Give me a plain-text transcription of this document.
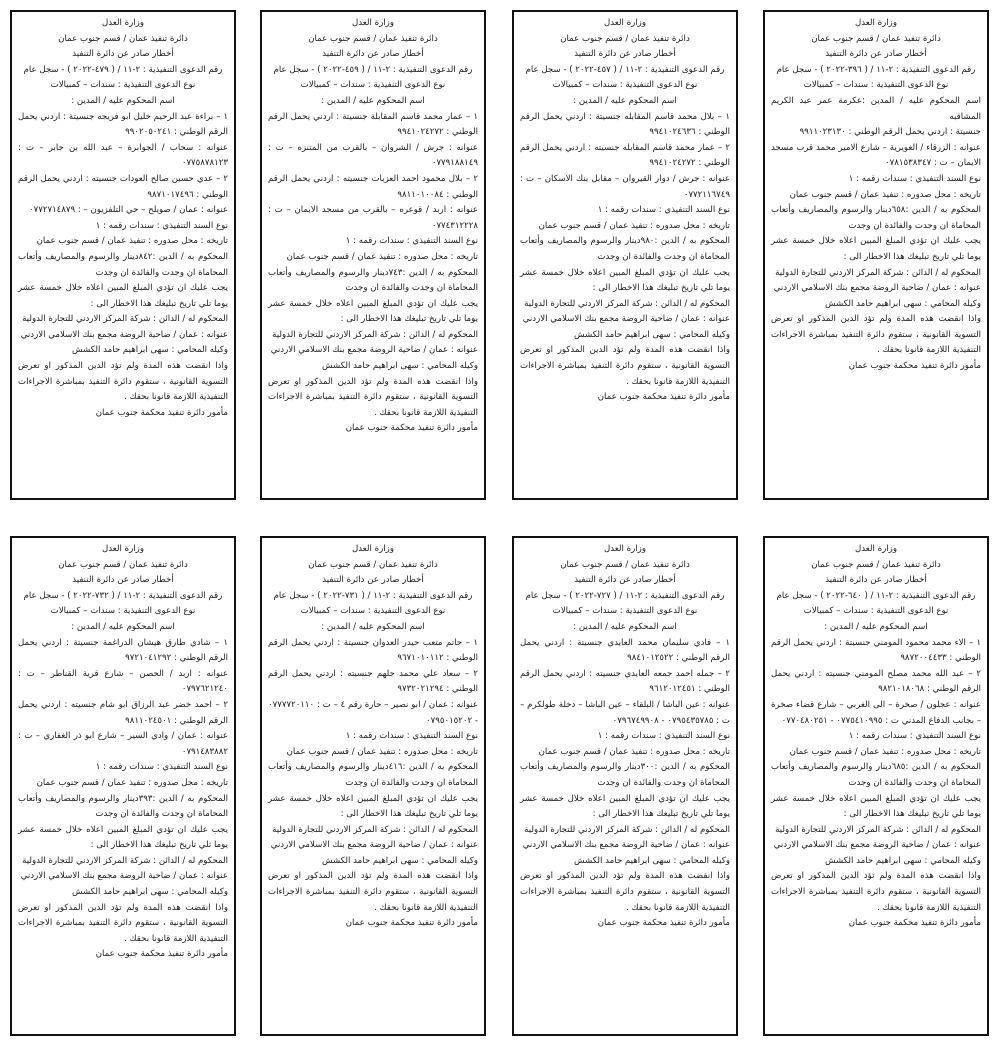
وزارة العدل

دائرة تنفيذ عمان / قسم جنوب عمان

أخطار صادر عن دائرة التنفيذ

رقم الدعوى التنفيذية : ٢-١١ / ( ٤٧٩-٢٠٢٢ ) - سجل عام

نوع الدعوى التنفيذية : سندات – كمبيالات

اسم المحكوم عليه / المدين :

١ – براءة عبد الرحيم خليل ابو فريجه جنسيتة : اردني يحمل الرقم الوطني : ٩٩٠٢٠٥٠٢٤١

عنوانه : سحاب / الجوابرة – عبد الله بن جابر – ت : ٠٧٧٥٨٧٨١٢٣

٢ – عدي حسين صالح العودات جنسيته : اردني يحمل الرقم الوطني : ٩٨٧١٠١٧٤٩٦

عنوانه : عمان / صويلح – حي التلفزيون – : ٠٧٧٢٧١٤٨٧٩

نوع السند التنفيذي : سندات رقمه : ١

تاريخه : محل صدوره : تنفيذ عمان / قسم جنوب عمان

المحكوم به / الدين :٨٤٢دينار والرسوم والمصاريف وأتعاب المحاماة ان وجدت والفائدة ان وجدت

يجب عليك ان تؤدي المبلغ المبين اعلاه خلال خمسة عشر يوما تلي تاريخ تبليغك هذا الاخطار الى :

المحكوم له / الدائن : شركة المركز الاردني للتجارة الدولية

عنوانه : عمان / ضاحية الروضة مجمع بنك الاسلامي الاردني

وكيله المحامي : سهى ابراهيم حامد الكشش

واذا انقضت هذه المدة ولم تؤد الدين المذكور او تعرض التسوية القانونية ، ستقوم دائرة التنفيذ بمباشرة الاجراءات التنفيذية اللازمة قانونا بحقك .

مأمور دائرة تنفيذ محكمة جنوب عمان

وزارة العدل

دائرة تنفيذ عمان / قسم جنوب عمان

أخطار صادر عن دائرة التنفيذ

رقم الدعوى التنفيذية : ٢-١١ / ( ٤٥٩-٢٠٢٢ ) - سجل عام

نوع الدعوى التنفيذية : سندات – كمبيالات

اسم المحكوم عليه / المدين :

١ – عمار محمد قاسم المقابلة جنسيتة : اردني يحمل الرقم الوطني : ٩٩٤١٠٢٤٢٧٢

عنوانه : جرش / الشروان – بالقرب من المتنزه – ت : ٠٧٧٩١٨٨١٤٩

٢ – بلال محمود احمد العزبات جنسيته : اردني يحمل الرقم الوطني : ٩٨١١٠١٠٠٨٤

عنوانه : اربد / قوعره – بالقرب من مسجد الايمان – ت : ٠٧٧٤٣١٢٢٢٨

نوع السند التنفيذي : سندات رقمه : ١

تاريخه : محل صدوره : تنفيذ عمان / قسم جنوب عمان

المحكوم به / الدين :٧٤٣دينار والرسوم والمصاريف وأتعاب المحاماة ان وجدت والفائدة ان وجدت

يجب عليك ان تؤدي المبلغ المبين اعلاه خلال خمسة عشر يوما تلي تاريخ تبليغك هذا الاخطار الى :

المحكوم له / الدائن : شركة المركز الاردني للتجارة الدولية

عنوانه : عمان / ضاحية الروضة مجمع بنك الاسلامي الاردني

وكيله المحامي : سهى ابراهيم حامد الكشش

واذا انقضت هذه المدة ولم تؤد الدين المذكور او تعرض التسوية القانونية ، ستقوم دائرة التنفيذ بمباشرة الاجراءات التنفيذية اللازمة قانونا بحقك .

مأمور دائرة تنفيذ محكمة جنوب عمان

وزارة العدل

دائرة تنفيذ عمان / قسم جنوب عمان

أخطار صادر عن دائرة التنفيذ

رقم الدعوى التنفيذية : ٢-١١ / ( ٤٥٧-٢٠٢٢ ) - سجل عام

نوع الدعوى التنفيذية : سندات – كمبيالات

اسم المحكوم عليه / المدين :

١ – بلال محمد قاسم المقابله جنسيتة : اردني يحمل الرقم الوطني : ٩٩٤١٠٢٤٦٣٦

٢ – عمار محمد قاسم المقابله جنسيته : اردني يحمل الرقم الوطني : ٩٩٤١٠٢٤٢٧٢

عنوانه : جرش / دوار القيروان – مقابل بنك الاسكان – ت : ٠٧٧٢١١٦٧٤٩

نوع السند التنفيذي : سندات رقمه : ١

تاريخه : محل صدوره : تنفيذ عمان / قسم جنوب عمان

المحكوم به / الدين :٩٨٠دينار والرسوم والمصاريف وأتعاب المحاماة ان وجدت والفائدة ان وجدت

يجب عليك ان تؤدي المبلغ المبين اعلاه خلال خمسة عشر يوما تلي تاريخ تبليغك هذا الاخطار الى :

المحكوم له / الدائن : شركة المركز الاردني للتجارة الدولية

عنوانه : عمان / ضاحية الروضة مجمع بنك الاسلامي الاردني

وكيله المحامي : سهى ابراهيم حامد الكشش

واذا انقضت هذه المدة ولم تؤد الدين المذكور او تعرض التسوية القانونية ، ستقوم دائرة التنفيذ بمباشرة الاجراءات التنفيذية اللازمة قانونا بحقك .

مأمور دائرة تنفيذ محكمة جنوب عمان

وزارة العدل

دائرة تنفيذ عمان / قسم جنوب عمان

أخطار صادر عن دائرة التنفيذ

رقم الدعوى التنفيذية : ٢-١١ / ( ٣٩٦-٢٠٢٢ ) - سجل عام

نوع الدعوى التنفيذية : سندات – كمبيالات

اسم المحكوم عليه / المدين :عكرمة عمر عبد الكريم المشاقبه

جنسيتة : اردني يحمل الرقم الوطني : ٩٩١١٠٢٣١٣٠

عنوانه : الزرقاء / الغويرية – شارع الامير محمد قرب مسجد الايمان – ت : ٠٧٨١٥٣٨٣٤٧

نوع السند التنفيذي : سندات رقمه : ١

تاريخه : محل صدوره : تنفيذ عمان / قسم جنوب عمان

المحكوم به / الدين :٦٥٨دينار والرسوم والمصاريف وأتعاب المحاماة ان وجدت والفائدة ان وجدت

يجب عليك ان تؤدي المبلغ المبين اعلاه خلال خمسة عشر يوما تلي تاريخ تبليغك هذا الاخطار الى :

المحكوم له / الدائن : شركة المركز الاردني للتجارة الدولية

عنوانه : عمان / ضاحية الروضة مجمع بنك الاسلامي الاردني

وكيله المحامي : سهى ابراهيم حامد الكشش

واذا انقضت هذه المدة ولم تؤد الدين المذكور او تعرض التسوية القانونية ، ستقوم دائرة التنفيذ بمباشرة الاجراءات التنفيذية اللازمة قانونا بحقك .

مأمور دائرة تنفيذ محكمة جنوب عمان

وزارة العدل

دائرة تنفيذ عمان / قسم جنوب عمان

أخطار صادر عن دائرة التنفيذ

رقم الدعوى التنفيذية : ٢-١١ / ( ٧٣٢-٢٠٢٢ ) - سجل عام

نوع الدعوى التنفيذية : سندات – كمبيالات

اسم المحكوم عليه / المدين :

١ – شادي طارق هيشان الدراغمة جنسيتة : اردني يحمل الرقم الوطني : ٩٧٢١٠٤١٢٩٢

عنوانه : اربد / الحصن – شارع قرية القناطر – ت : ٠٧٩٧٦٢١٢٤٠

٢ – احمد خضر عبد الرزاق ابو شام جنسيته : اردني يحمل الرقم الوطني : ٩٨١١٠٢٤٥٠١

عنوانه : عمان / وادي السير – شارع ابو ذر الغفاري – ت : ٠٧٩١٤٨٣٨٨٢

نوع السند التنفيذي : سندات رقمه : ١

تاريخه : محل صدوره : تنفيذ عمان / قسم جنوب عمان

المحكوم به / الدين :٣٩٣دينار والرسوم والمصاريف وأتعاب المحاماة ان وجدت والفائدة ان وجدت

يجب عليك ان تؤدي المبلغ المبين اعلاه خلال خمسة عشر يوما تلي تاريخ تبليغك هذا الاخطار الى :

المحكوم له / الدائن : شركة المركز الاردني للتجارة الدولية

عنوانه : عمان / ضاحية الروضة مجمع بنك الاسلامي الاردني

وكيله المحامي : سهى ابراهيم حامد الكشش

واذا انقضت هذه المدة ولم تؤد الدين المذكور او تعرض التسوية القانونية ، ستقوم دائرة التنفيذ بمباشرة الاجراءات التنفيذية اللازمة قانونا بحقك .

مأمور دائرة تنفيذ محكمة جنوب عمان

وزارة العدل

دائرة تنفيذ عمان / قسم جنوب عمان

أخطار صادر عن دائرة التنفيذ

رقم الدعوى التنفيذية : ٢-١١ / ( ٧٣١-٢٠٢٢ ) - سجل عام

نوع الدعوى التنفيذية : سندات – كمبيالات

اسم المحكوم عليه / المدين :

١ – حاتم متعب حيدر العدوان جنسيتة : اردني يحمل الرقم الوطني : ٩٦٧١٠١٠١١٢

٢ – سعاد علي محمد جلهم جنسيته : اردني يحمل الرقم الوطني : ٩٧٣٢٠٢١٢٩٤

عنوانه : عمان / ابو نصير – حارة رقم ٤ – ت : ٠٧٧٧٧٢٠١١٠ - ٠٧٩٥٠١٥٢٠٢

نوع السند التنفيذي : سندات رقمه : ١

تاريخه : محل صدوره : تنفيذ عمان / قسم جنوب عمان

المحكوم به / الدين :٤١٦دينار والرسوم والمصاريف وأتعاب المحاماة ان وجدت والفائدة ان وجدت

يجب عليك ان تؤدي المبلغ المبين اعلاه خلال خمسة عشر يوما تلي تاريخ تبليغك هذا الاخطار الى :

المحكوم له / الدائن : شركة المركز الاردني للتجارة الدولية

عنوانه : عمان / ضاحية الروضة مجمع بنك الاسلامي الاردني

وكيله المحامي : سهى ابراهيم حامد الكشش

واذا انقضت هذه المدة ولم تؤد الدين المذكور او تعرض التسوية القانونية ، ستقوم دائرة التنفيذ بمباشرة الاجراءات التنفيذية اللازمة قانونا بحقك .

مأمور دائرة تنفيذ محكمة جنوب عمان

وزارة العدل

دائرة تنفيذ عمان / قسم جنوب عمان

أخطار صادر عن دائرة التنفيذ

رقم الدعوى التنفيذية : ٢-١١ / ( ٧٢٧-٢٠٢٢ ) - سجل عام

نوع الدعوى التنفيذية : سندات – كمبيالات

اسم المحكوم عليه / المدين :

١ – فادي سليمان محمد العايدي جنسيتة : اردني يحمل الرقم الوطني : ٩٨٤١٠١٢٥٢٢

٢ – جمله احمد جمعه العايدي جنسيته : اردني يحمل الرقم الوطني : ٩٦١٢٠١٢٤٥١

عنوانه : عين الباشا / البلقاء – عين الباشا – دخلة طولكرم – ت : ٠٧٩٥٤٣٥٧٨٥ - ٠٧٩٦٧٤٩٩٠٨

نوع السند التنفيذي : سندات رقمه : ١

تاريخه : محل صدوره : تنفيذ عمان / قسم جنوب عمان

المحكوم به / الدين :٣٠٠دينار والرسوم والمصاريف وأتعاب المحاماة ان وجدت والفائدة ان وجدت

يجب عليك ان تؤدي المبلغ المبين اعلاه خلال خمسة عشر يوما تلي تاريخ تبليغك هذا الاخطار الى :

المحكوم له / الدائن : شركة المركز الاردني للتجارة الدولية

عنوانه : عمان / ضاحية الروضة مجمع بنك الاسلامي الاردني

وكيله المحامي : سهى ابراهيم حامد الكشش

واذا انقضت هذه المدة ولم تؤد الدين المذكور او تعرض التسوية القانونية ، ستقوم دائرة التنفيذ بمباشرة الاجراءات التنفيذية اللازمة قانونا بحقك .

مأمور دائرة تنفيذ محكمة جنوب عمان

وزارة العدل

دائرة تنفيذ عمان / قسم جنوب عمان

أخطار صادر عن دائرة التنفيذ

رقم الدعوى التنفيذية : ٢-١١ / ( ٦٤٠-٢٠٢٢ ) - سجل عام

نوع الدعوى التنفيذية : سندات – كمبيالات

اسم المحكوم عليه / المدين :

١ – الاء محمد محمود المومني جنسيتة : اردني يحمل الرقم الوطني : ٩٨٧٢٠٠٤٤٣٣

٢ – عبد الله محمد مصلح المومني جنسيته : اردني يحمل الرقم الوطني : ٩٨٢١٠١٨٠٦٨

عنوانه : عجلون / صخرة – الى الغربي – شارع قضاء صخرة – بجانب الدفاع المدني ت : ٠٧٧٥٤١٠٩٩٥ - ٠٧٧٠٤٨٠٢٥١

نوع السند التنفيذي : سندات رقمه : ١

تاريخه : محل صدوره : تنفيذ عمان / قسم جنوب عمان

المحكوم به / الدين :٦٨٥دينار والرسوم والمصاريف وأتعاب المحاماة ان وجدت والفائدة ان وجدت

يجب عليك ان تؤدي المبلغ المبين اعلاه خلال خمسة عشر يوما تلي تاريخ تبليغك هذا الاخطار الى :

المحكوم له / الدائن : شركة المركز الاردني للتجارة الدولية

عنوانه : عمان / ضاحية الروضة مجمع بنك الاسلامي الاردني

وكيله المحامي : سهى ابراهيم حامد الكشش

واذا انقضت هذه المدة ولم تؤد الدين المذكور او تعرض التسوية القانونية ، ستقوم دائرة التنفيذ بمباشرة الاجراءات التنفيذية اللازمة قانونا بحقك .

مأمور دائرة تنفيذ محكمة جنوب عمان
